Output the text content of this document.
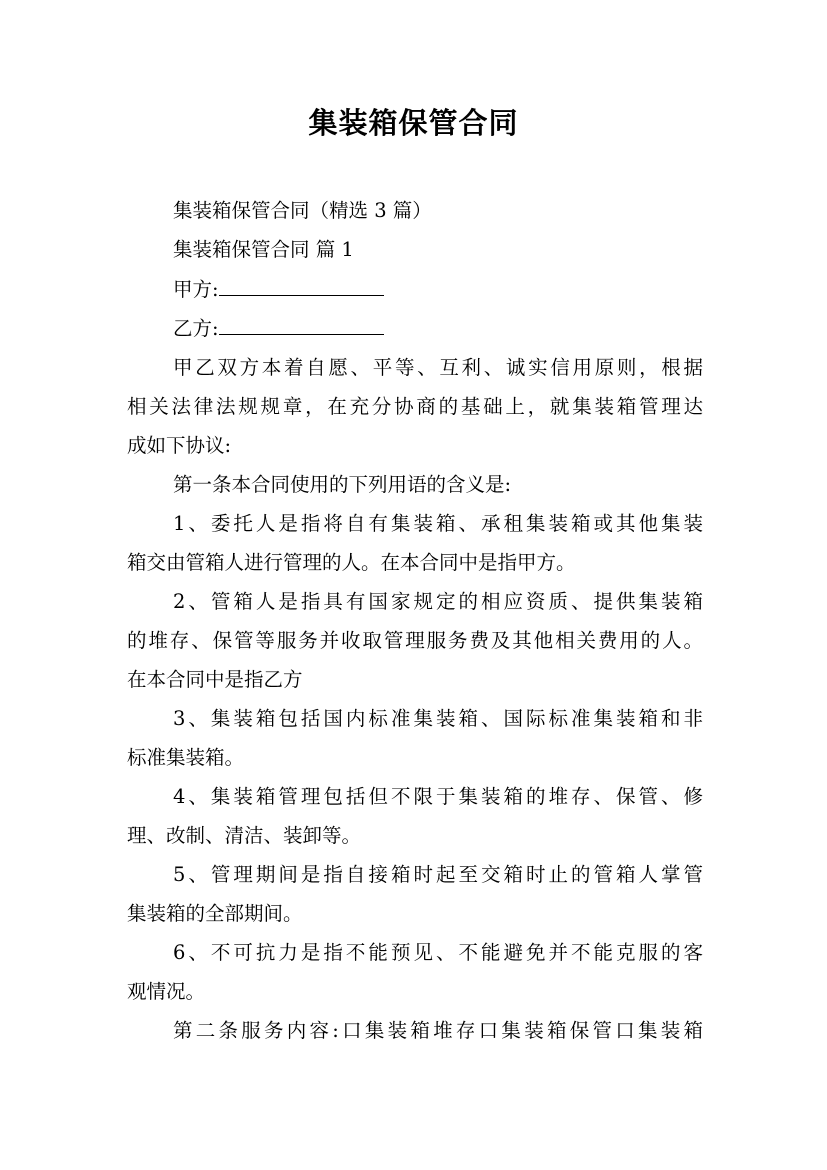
集装箱保管合同
集装箱保管合同（精选 3 篇）
集装箱保管合同 篇 1
甲方:
乙方:
甲乙双方本着自愿、平等、互利、诚实信用原则，根据
相关法律法规规章，在充分协商的基础上，就集装箱管理达
成如下协议:
第一条本合同使用的下列用语的含义是:
1、委托人是指将自有集装箱、承租集装箱或其他集装
箱交由管箱人进行管理的人。在本合同中是指甲方。
2、管箱人是指具有国家规定的相应资质、提供集装箱
的堆存、保管等服务并收取管理服务费及其他相关费用的人。
在本合同中是指乙方
3、集装箱包括国内标准集装箱、国际标准集装箱和非
标准集装箱。
4、集装箱管理包括但不限于集装箱的堆存、保管、修
理、改制、清洁、装卸等。
5、管理期间是指自接箱时起至交箱时止的管箱人掌管
集装箱的全部期间。
6、不可抗力是指不能预见、不能避免并不能克服的客
观情况。
第二条服务内容:口集装箱堆存口集装箱保管口集装箱
